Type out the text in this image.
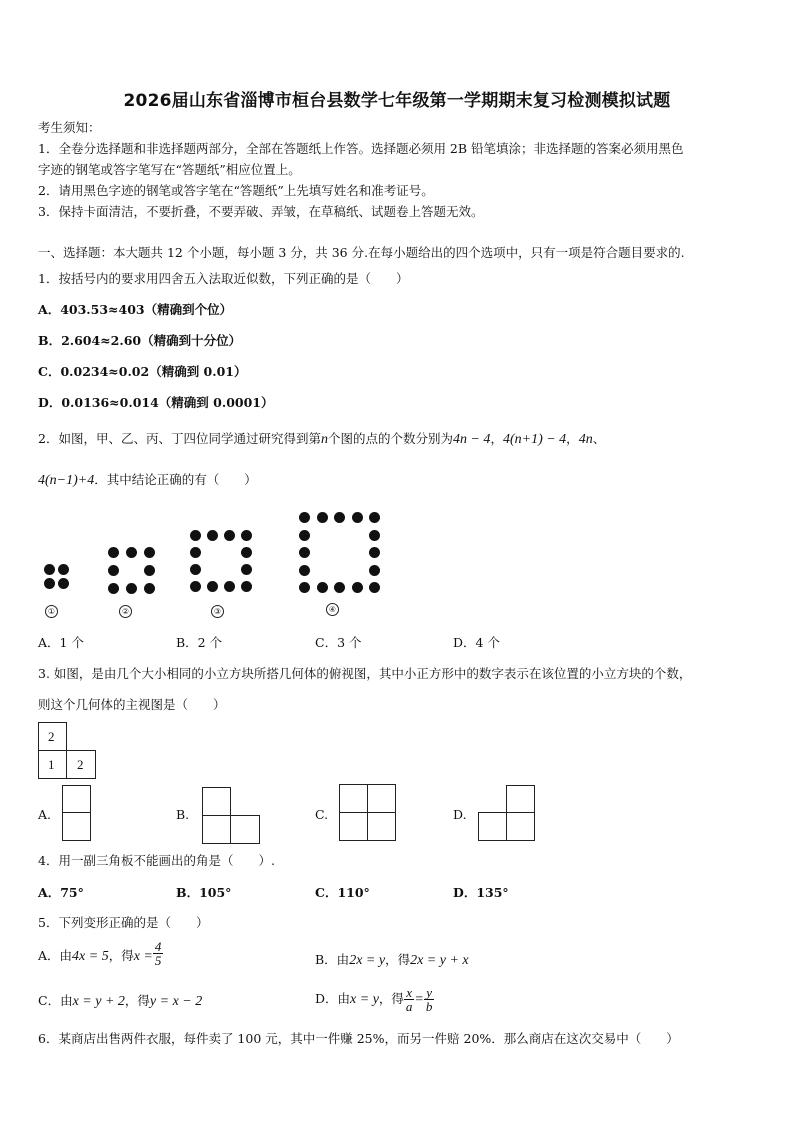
2026届山东省淄博市桓台县数学七年级第一学期期末复习检测模拟试题
考生须知：
1．全卷分选择题和非选择题两部分，全部在答题纸上作答。选择题必须用 2B 铅笔填涂；非选择题的答案必须用黑色
字迹的钢笔或答字笔写在“答题纸”相应位置上。
2．请用黑色字迹的钢笔或答字笔在“答题纸”上先填写姓名和准考证号。
3．保持卡面清洁，不要折叠，不要弄破、弄皱，在草稿纸、试题卷上答题无效。
一、选择题：本大题共 12 个小题，每小题 3 分，共 36 分.在每小题给出的四个选项中，只有一项是符合题目要求的.
1．按括号内的要求用四舍五入法取近似数，下列正确的是（　　）
A．403.53≈403（精确到个位）
B．2.604≈2.60（精确到十分位）
C．0.0234≈0.02（精确到 0.01）
D．0.0136≈0.014（精确到 0.0001）
2．如图，甲、乙、丙、丁四位同学通过研究得到第n个图的点的个数分别为4n − 4，4(n+1) − 4，4n、
4(n−1)+4．其中结论正确的有（　　）
①	②	③	④
A．1 个	B．2 个	C．3 个	D．4 个
3. 如图，是由几个大小相同的小立方块所搭几何体的俯视图，其中小正方形中的数字表示在该位置的小立方块的个数，
则这个几何体的主视图是（　　）
2
1 2
A.	B.	C.	D.
4．用一副三角板不能画出的角是（　　）.
A．75°	B．105°	C．110°	D．135°
5．下列变形正确的是（　　）
A．由4x = 5，得$x = \frac{4}{5}$	B．由2x = y，得2x = y + x
C．由x = y + 2，得y = x − 2	D．由x = y，得 $\frac{x}{a} = \frac{y}{b}$
6．某商店出售两件衣服，每件卖了 100 元，其中一件赚 25%，而另一件赔 20%．那么商店在这次交易中（　　）
